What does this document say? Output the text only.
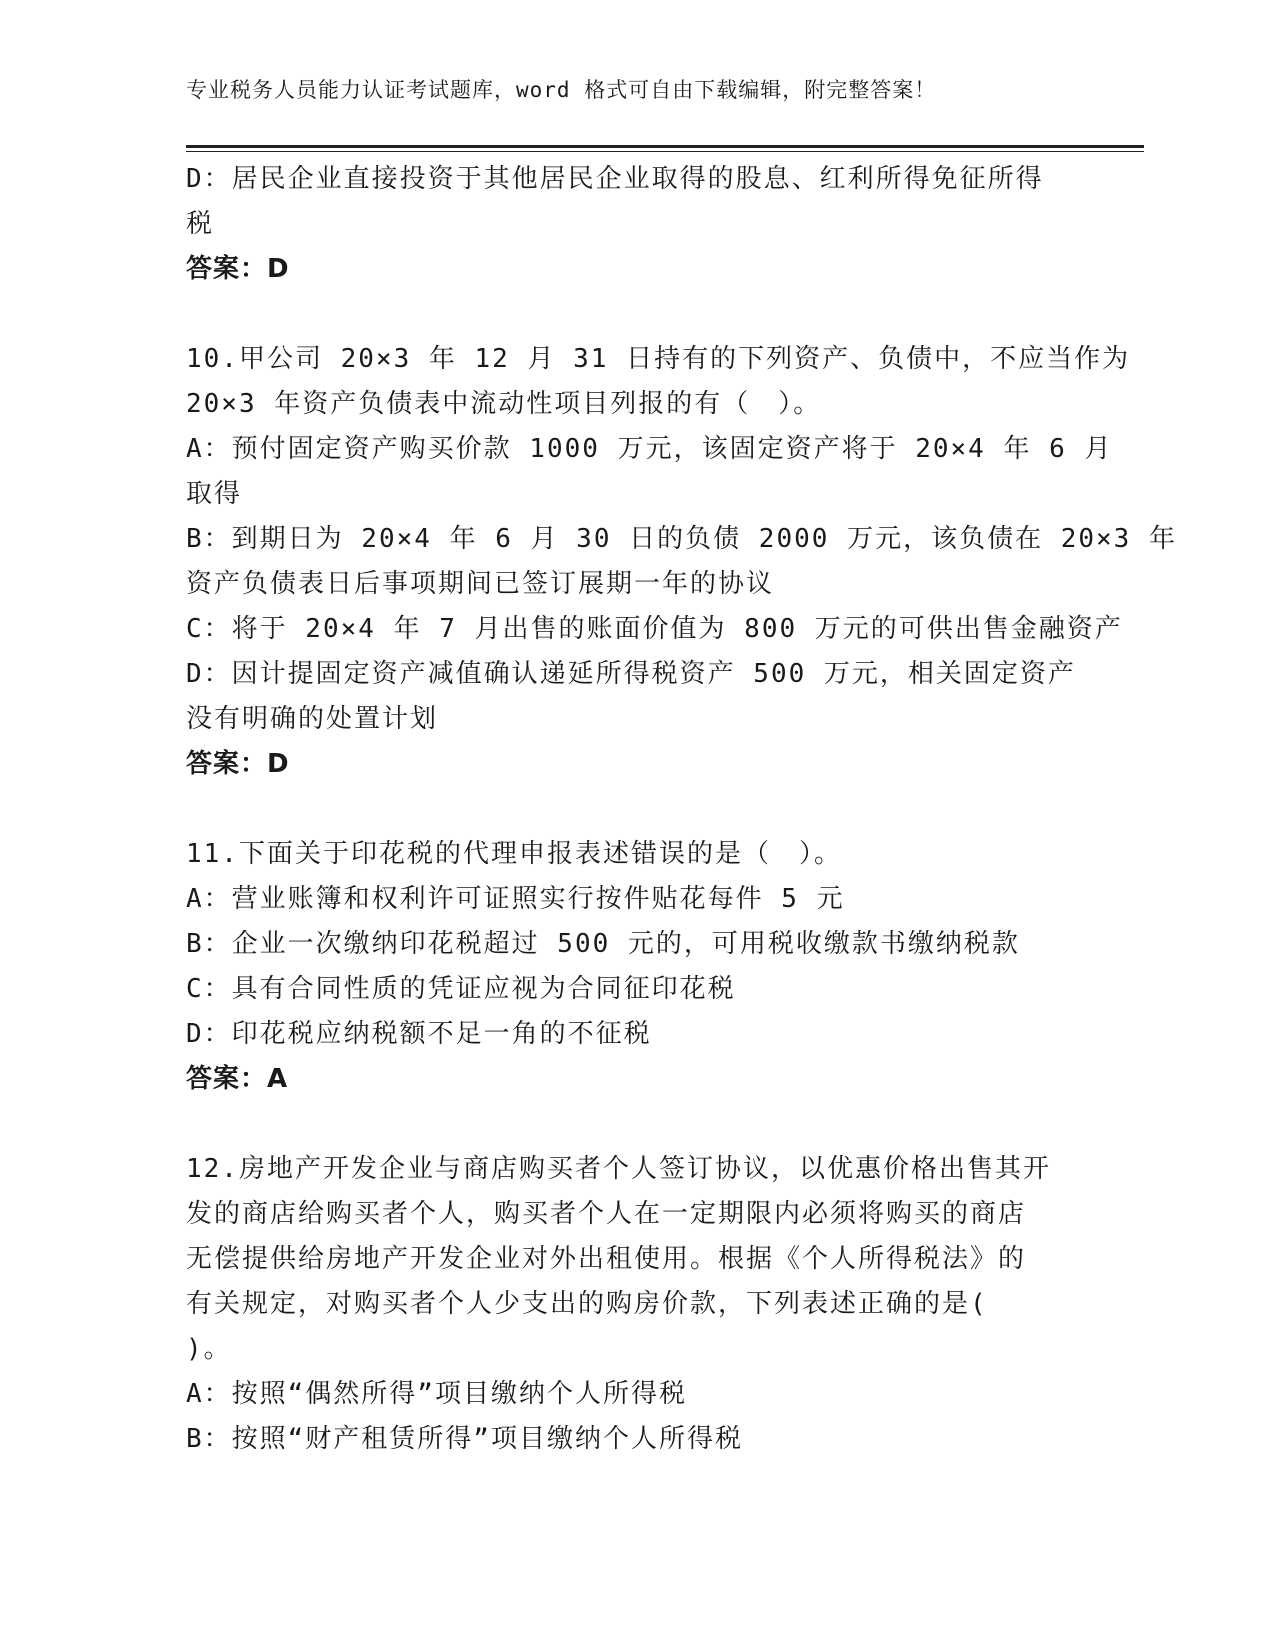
专业税务人员能力认证考试题库，word 格式可自由下载编辑，附完整答案！
D：居民企业直接投资于其他居民企业取得的股息、红利所得免征所得
税
答案：D
10.甲公司 20×3 年 12 月 31 日持有的下列资产、负债中，不应当作为
20×3 年资产负债表中流动性项目列报的有（　）。
A：预付固定资产购买价款 1000 万元，该固定资产将于 20×4 年 6 月
取得
B：到期日为 20×4 年 6 月 30 日的负债 2000 万元，该负债在 20×3 年
资产负债表日后事项期间已签订展期一年的协议
C：将于 20×4 年 7 月出售的账面价值为 800 万元的可供出售金融资产
D：因计提固定资产减值确认递延所得税资产 500 万元，相关固定资产
没有明确的处置计划
答案：D
11.下面关于印花税的代理申报表述错误的是（　）。
A：营业账簿和权利许可证照实行按件贴花每件 5 元
B：企业一次缴纳印花税超过 500 元的，可用税收缴款书缴纳税款
C：具有合同性质的凭证应视为合同征印花税
D：印花税应纳税额不足一角的不征税
答案：A
12.房地产开发企业与商店购买者个人签订协议，以优惠价格出售其开
发的商店给购买者个人，购买者个人在一定期限内必须将购买的商店
无偿提供给房地产开发企业对外出租使用。根据《个人所得税法》的
有关规定，对购买者个人少支出的购房价款，下列表述正确的是(
)。
A：按照“偶然所得”项目缴纳个人所得税
B：按照“财产租赁所得”项目缴纳个人所得税
